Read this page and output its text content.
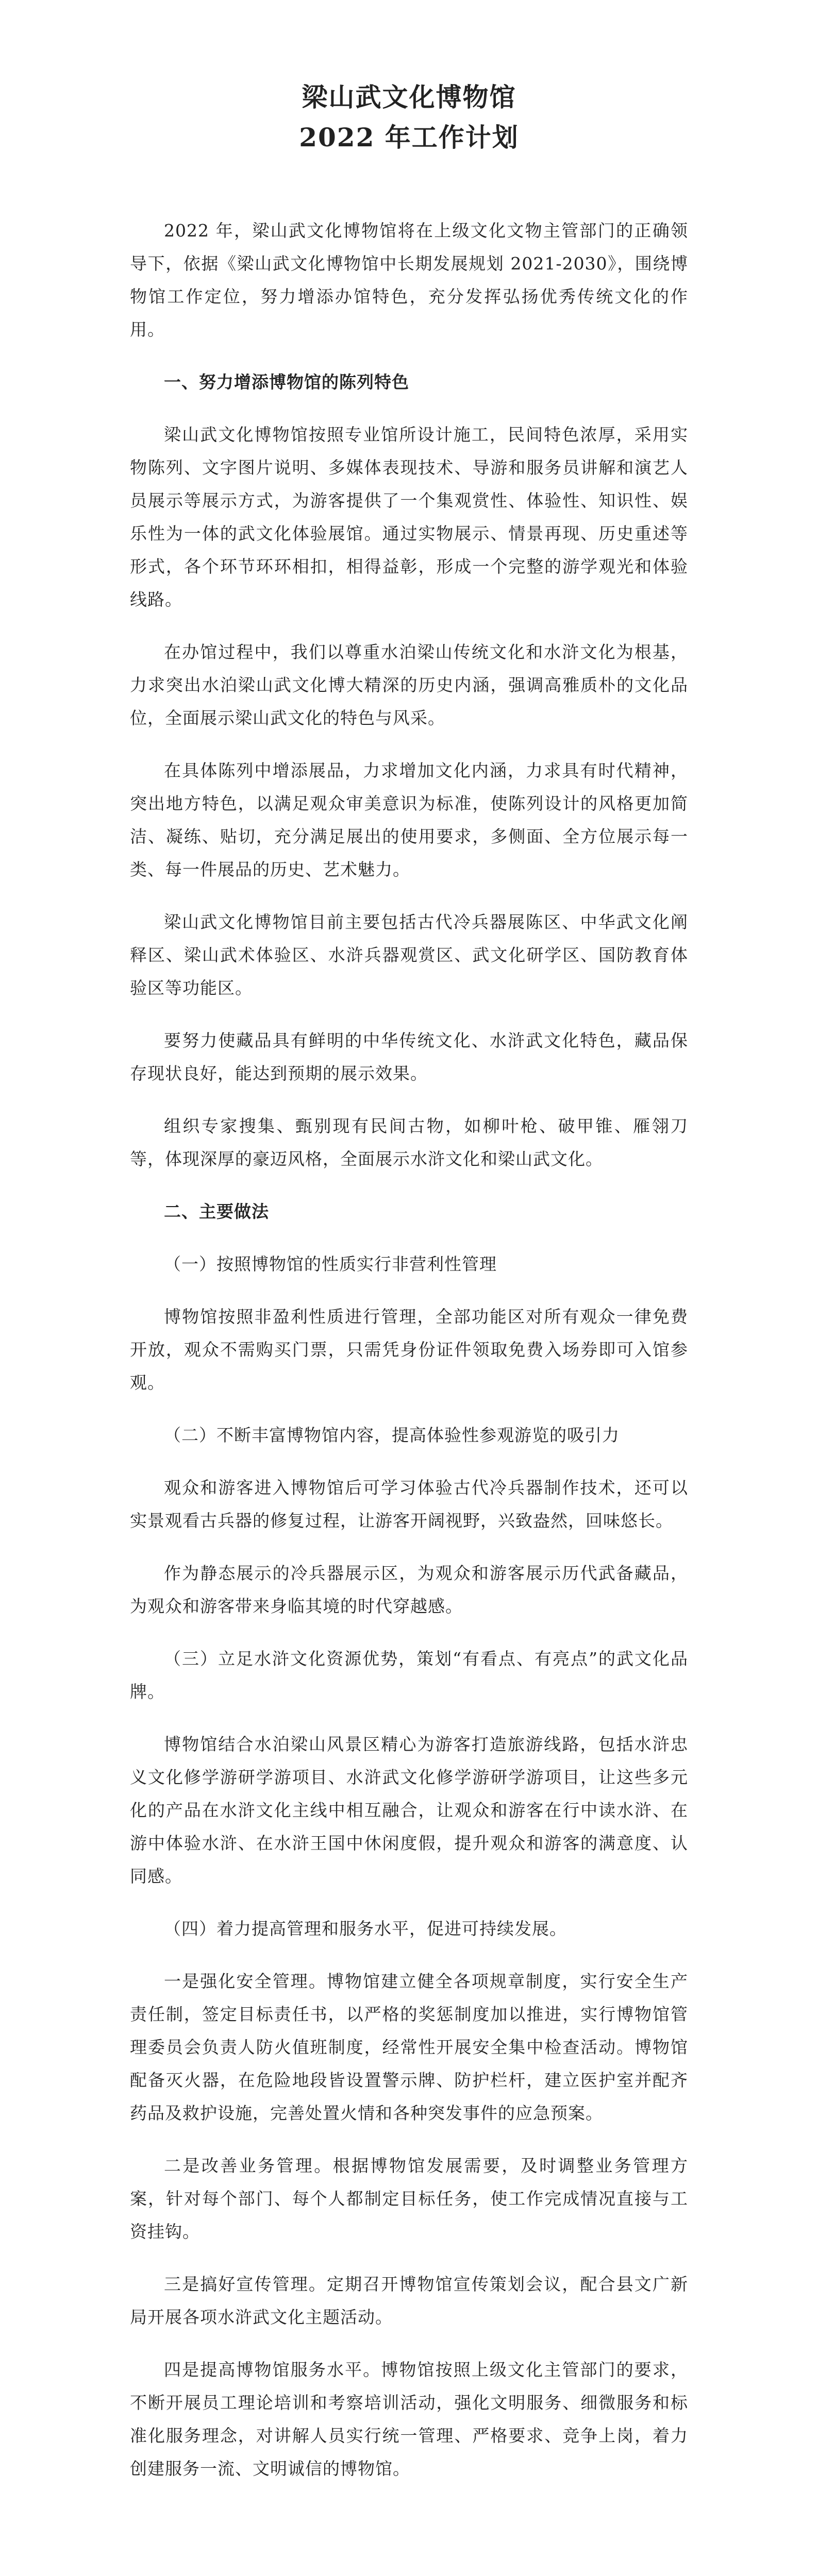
梁山武文化博物馆
2022 年工作计划

2022 年，梁山武文化博物馆将在上级文化文物主管部门的正确领导下，依据《梁山武文化博物馆中长期发展规划 2021-2030》，围绕博物馆工作定位，努力增添办馆特色，充分发挥弘扬优秀传统文化的作用。

一、努力增添博物馆的陈列特色

梁山武文化博物馆按照专业馆所设计施工，民间特色浓厚，采用实物陈列、文字图片说明、多媒体表现技术、导游和服务员讲解和演艺人员展示等展示方式，为游客提供了一个集观赏性、体验性、知识性、娱乐性为一体的武文化体验展馆。通过实物展示、情景再现、历史重述等形式，各个环节环环相扣，相得益彰，形成一个完整的游学观光和体验线路。

在办馆过程中，我们以尊重水泊梁山传统文化和水浒文化为根基，力求突出水泊梁山武文化博大精深的历史内涵，强调高雅质朴的文化品位，全面展示梁山武文化的特色与风采。

在具体陈列中增添展品，力求增加文化内涵，力求具有时代精神，突出地方特色，以满足观众审美意识为标准，使陈列设计的风格更加简洁、凝练、贴切，充分满足展出的使用要求，多侧面、全方位展示每一类、每一件展品的历史、艺术魅力。

梁山武文化博物馆目前主要包括古代冷兵器展陈区、中华武文化阐释区、梁山武术体验区、水浒兵器观赏区、武文化研学区、国防教育体验区等功能区。

要努力使藏品具有鲜明的中华传统文化、水浒武文化特色，藏品保存现状良好，能达到预期的展示效果。

组织专家搜集、甄别现有民间古物，如柳叶枪、破甲锥、雁翎刀等，体现深厚的豪迈风格，全面展示水浒文化和梁山武文化。

二、主要做法

（一）按照博物馆的性质实行非营利性管理

博物馆按照非盈利性质进行管理，全部功能区对所有观众一律免费开放，观众不需购买门票，只需凭身份证件领取免费入场券即可入馆参观。

（二）不断丰富博物馆内容，提高体验性参观游览的吸引力

观众和游客进入博物馆后可学习体验古代冷兵器制作技术，还可以实景观看古兵器的修复过程，让游客开阔视野，兴致盎然，回味悠长。

作为静态展示的冷兵器展示区，为观众和游客展示历代武备藏品，为观众和游客带来身临其境的时代穿越感。

（三）立足水浒文化资源优势，策划“有看点、有亮点”的武文化品牌。

博物馆结合水泊梁山风景区精心为游客打造旅游线路，包括水浒忠义文化修学游研学游项目、水浒武文化修学游研学游项目，让这些多元化的产品在水浒文化主线中相互融合，让观众和游客在行中读水浒、在游中体验水浒、在水浒王国中休闲度假，提升观众和游客的满意度、认同感。

（四）着力提高管理和服务水平，促进可持续发展。

一是强化安全管理。博物馆建立健全各项规章制度，实行安全生产责任制，签定目标责任书，以严格的奖惩制度加以推进，实行博物馆管理委员会负责人防火值班制度，经常性开展安全集中检查活动。博物馆配备灭火器，在危险地段皆设置警示牌、防护栏杆，建立医护室并配齐药品及救护设施，完善处置火情和各种突发事件的应急预案。

二是改善业务管理。根据博物馆发展需要，及时调整业务管理方案，针对每个部门、每个人都制定目标任务，使工作完成情况直接与工资挂钩。

三是搞好宣传管理。定期召开博物馆宣传策划会议，配合县文广新局开展各项水浒武文化主题活动。

四是提高博物馆服务水平。博物馆按照上级文化主管部门的要求，不断开展员工理论培训和考察培训活动，强化文明服务、细微服务和标准化服务理念，对讲解人员实行统一管理、严格要求、竞争上岗，着力创建服务一流、文明诚信的博物馆。
